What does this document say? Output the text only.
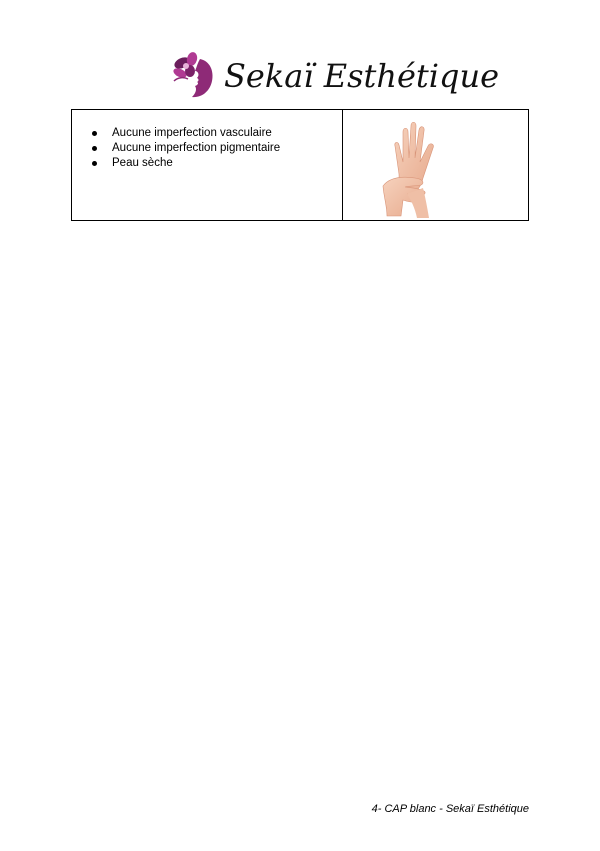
Sekaï Esthétique
Aucune imperfection vasculaire
Aucune imperfection pigmentaire
Peau sèche
4- CAP blanc - Sekaï Esthétique
